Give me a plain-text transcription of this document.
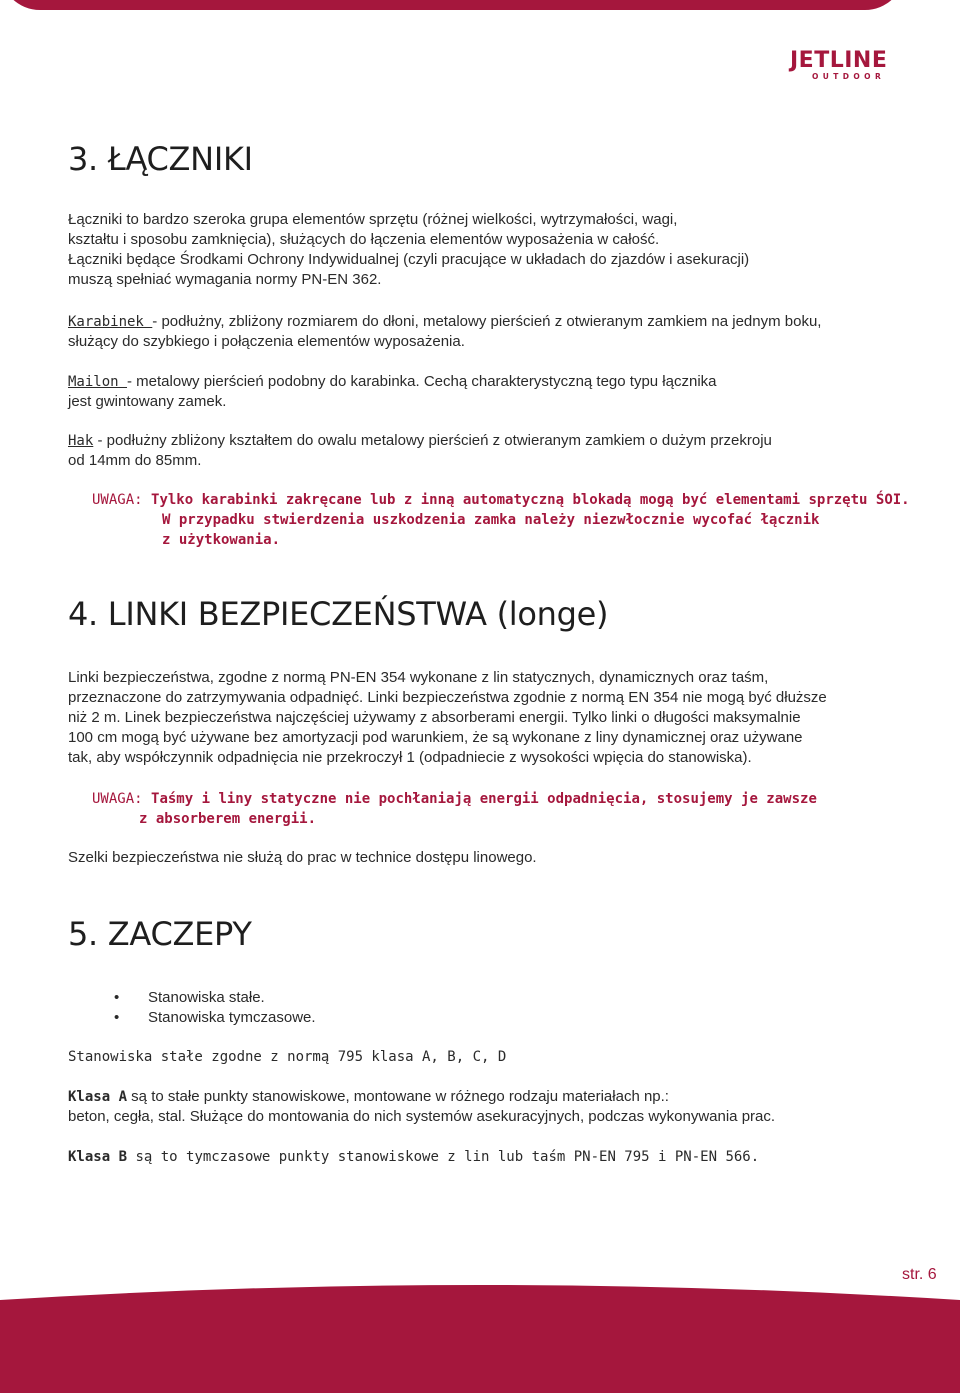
JETLINE
OUTDOOR
3. ŁĄCZNIKI

Łączniki to bardzo szeroka grupa elementów sprzętu (różnej wielkości, wytrzymałości, wagi,

kształtu i sposobu zamknięcia), służących do łączenia elementów wyposażenia w całość.

Łączniki będące Środkami Ochrony Indywidualnej (czyli pracujące w układach do zjazdów i asekuracji)

muszą spełniać wymagania normy PN-EN 362.

Karabinek - podłużny, zbliżony rozmiarem do dłoni, metalowy pierścień z otwieranym zamkiem na jednym boku,

służący do szybkiego i połączenia elementów wyposażenia.

Mailon - metalowy pierścień podobny do karabinka. Cechą charakterystyczną tego typu łącznika

jest gwintowany zamek.

Hak - podłużny zbliżony kształtem do owalu metalowy pierścień z otwieranym zamkiem o dużym przekroju

od 14mm do 85mm.

UWAGA: Tylko karabinki zakręcane lub z inną automatyczną blokadą mogą być elementami sprzętu ŚOI.
W przypadku stwierdzenia uszkodzenia zamka należy niezwłocznie wycofać łącznik
z użytkowania.
4. LINKI BEZPIECZEŃSTWA (longe)

Linki bezpieczeństwa, zgodne z normą PN-EN 354 wykonane z lin statycznych, dynamicznych oraz taśm,

przeznaczone do zatrzymywania odpadnięć. Linki bezpieczeństwa zgodnie z normą EN 354 nie mogą być dłuższe

niż 2 m. Linek bezpieczeństwa najczęściej używamy z absorberami energii. Tylko linki o długości maksymalnie

100 cm mogą być używane bez amortyzacji pod warunkiem, że są wykonane z liny dynamicznej oraz używane

tak, aby współczynnik odpadnięcia nie przekroczył 1 (odpadniecie z wysokości wpięcia do stanowiska).

UWAGA: Taśmy i liny statyczne nie pochłaniają energii odpadnięcia, stosujemy je zawsze
z absorberem energii.

Szelki bezpieczeństwa nie służą do prac w technice dostępu linowego.

5. ZACZEPY
• Stanowiska stałe.
• Stanowiska tymczasowe.

Stanowiska stałe zgodne z normą 795 klasa A, B, C, D

Klasa A są to stałe punkty stanowiskowe, montowane w różnego rodzaju materiałach np.:

beton, cegła, stal. Służące do montowania do nich systemów asekuracyjnych, podczas wykonywania prac.

Klasa B są to tymczasowe punkty stanowiskowe z lin lub taśm PN-EN 795 i PN-EN 566.

str. 6
